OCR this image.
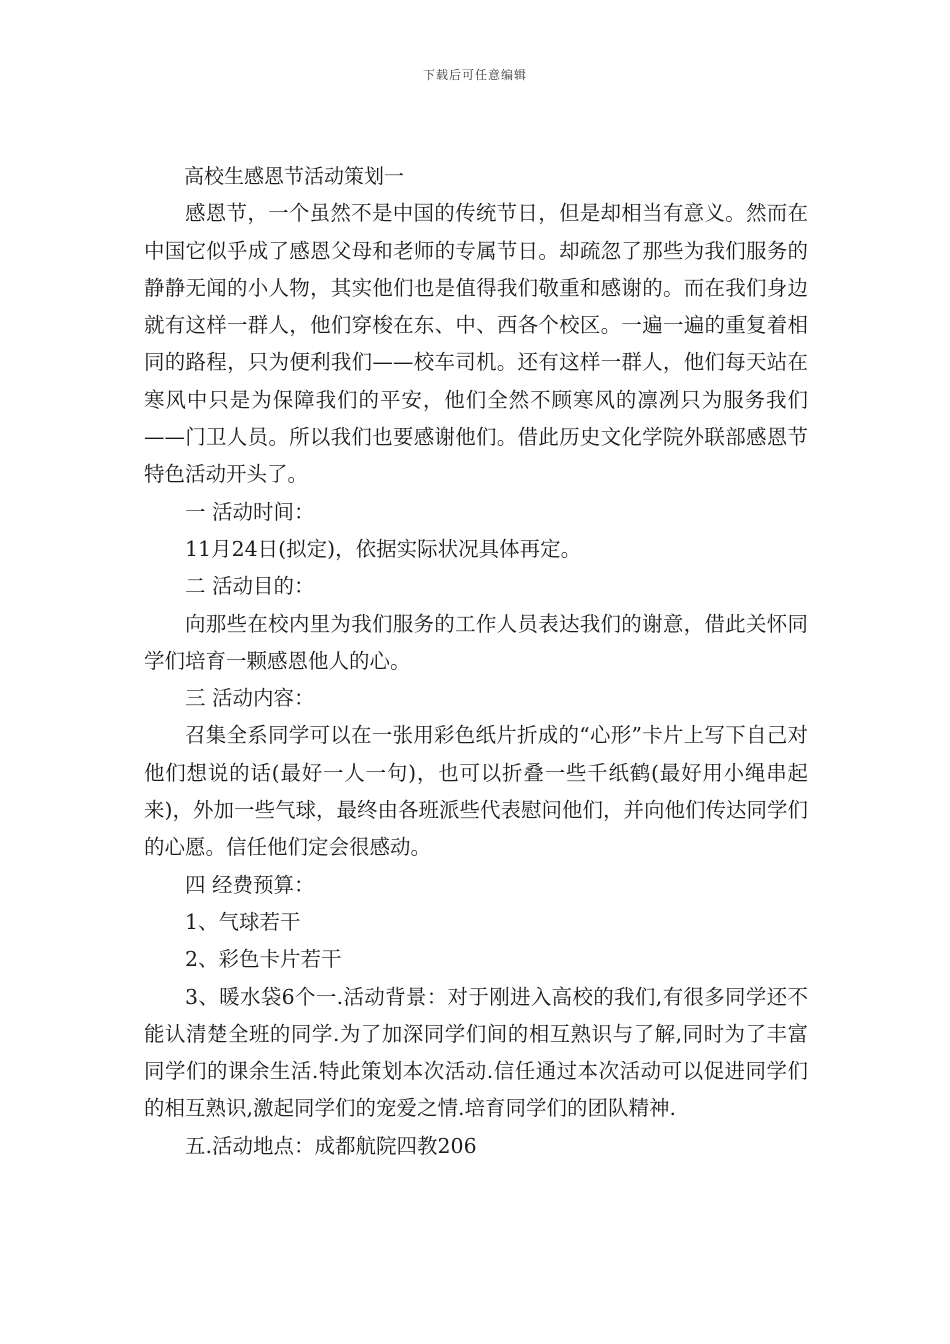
下载后可任意编辑

高校生感恩节活动策划一

感恩节，一个虽然不是中国的传统节日，但是却相当有意义。然而在中国它似乎成了感恩父母和老师的专属节日。却疏忽了那些为我们服务的静静无闻的小人物，其实他们也是值得我们敬重和感谢的。而在我们身边就有这样一群人，他们穿梭在东、中、西各个校区。一遍一遍的重复着相同的路程，只为便利我们——校车司机。还有这样一群人，他们每天站在寒风中只是为保障我们的平安，他们全然不顾寒风的凛冽只为服务我们——门卫人员。所以我们也要感谢他们。借此历史文化学院外联部感恩节特色活动开头了。

一 活动时间：

11月24日(拟定)，依据实际状况具体再定。

二 活动目的：

向那些在校内里为我们服务的工作人员表达我们的谢意，借此关怀同学们培育一颗感恩他人的心。

三 活动内容：

召集全系同学可以在一张用彩色纸片折成的“心形”卡片上写下自己对他们想说的话(最好一人一句)，也可以折叠一些千纸鹤(最好用小绳串起来)，外加一些气球，最终由各班派些代表慰问他们，并向他们传达同学们的心愿。信任他们定会很感动。

四 经费预算：

1、气球若干

2、彩色卡片若干

3、暖水袋6个一.活动背景：对于刚进入高校的我们,有很多同学还不能认清楚全班的同学.为了加深同学们间的相互熟识与了解,同时为了丰富同学们的课余生活.特此策划本次活动.信任通过本次活动可以促进同学们的相互熟识,激起同学们的宠爱之情.培育同学们的团队精神.

五.活动地点：成都航院四教206
